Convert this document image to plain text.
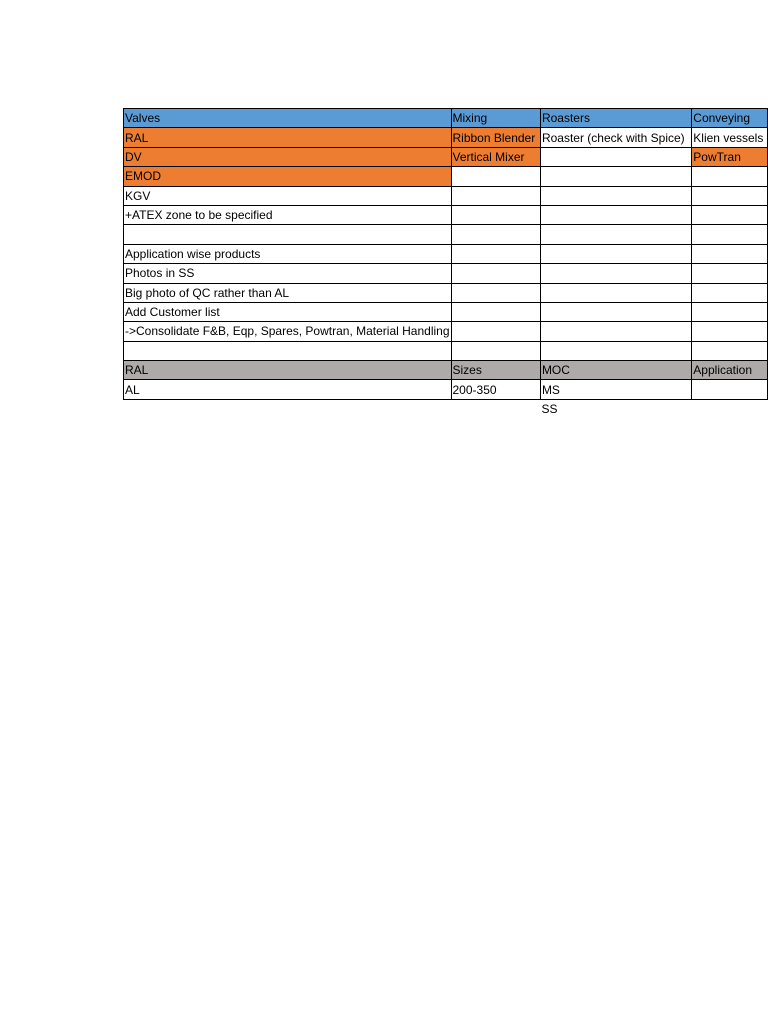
Valves	Mixing	Roasters	Conveying
RAL	Ribbon Blender	Roaster (check with Spice)	Klien vessels
DV	Vertical Mixer		PowTran
EMOD			
KGV			
+ATEX zone to be specified			

Application wise products			
Photos in SS			
Big photo of QC rather than AL			
Add Customer list			
->Consolidate F&B, Eqp, Spares, Powtran, Material Handling			

RAL	Sizes	MOC	Application
AL	200-350	MS	
		SS	
